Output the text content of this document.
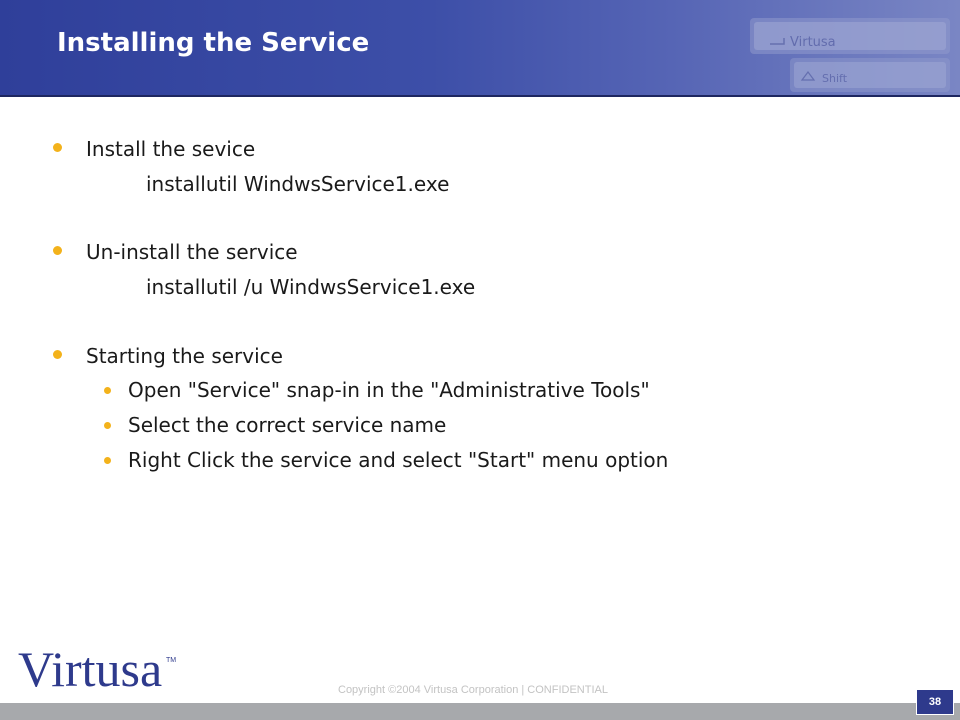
Virtusa
Shift
Installing the Service
Install the sevice
installutil WindwsService1.exe
Un-install the service
installutil /u WindwsService1.exe
Starting the service
Open "Service" snap-in in the "Administrative Tools"
Select the correct service name
Right Click the service and select "Start" menu option
Virtusa TM
Copyright ©2004 Virtusa Corporation | CONFIDENTIAL
38
